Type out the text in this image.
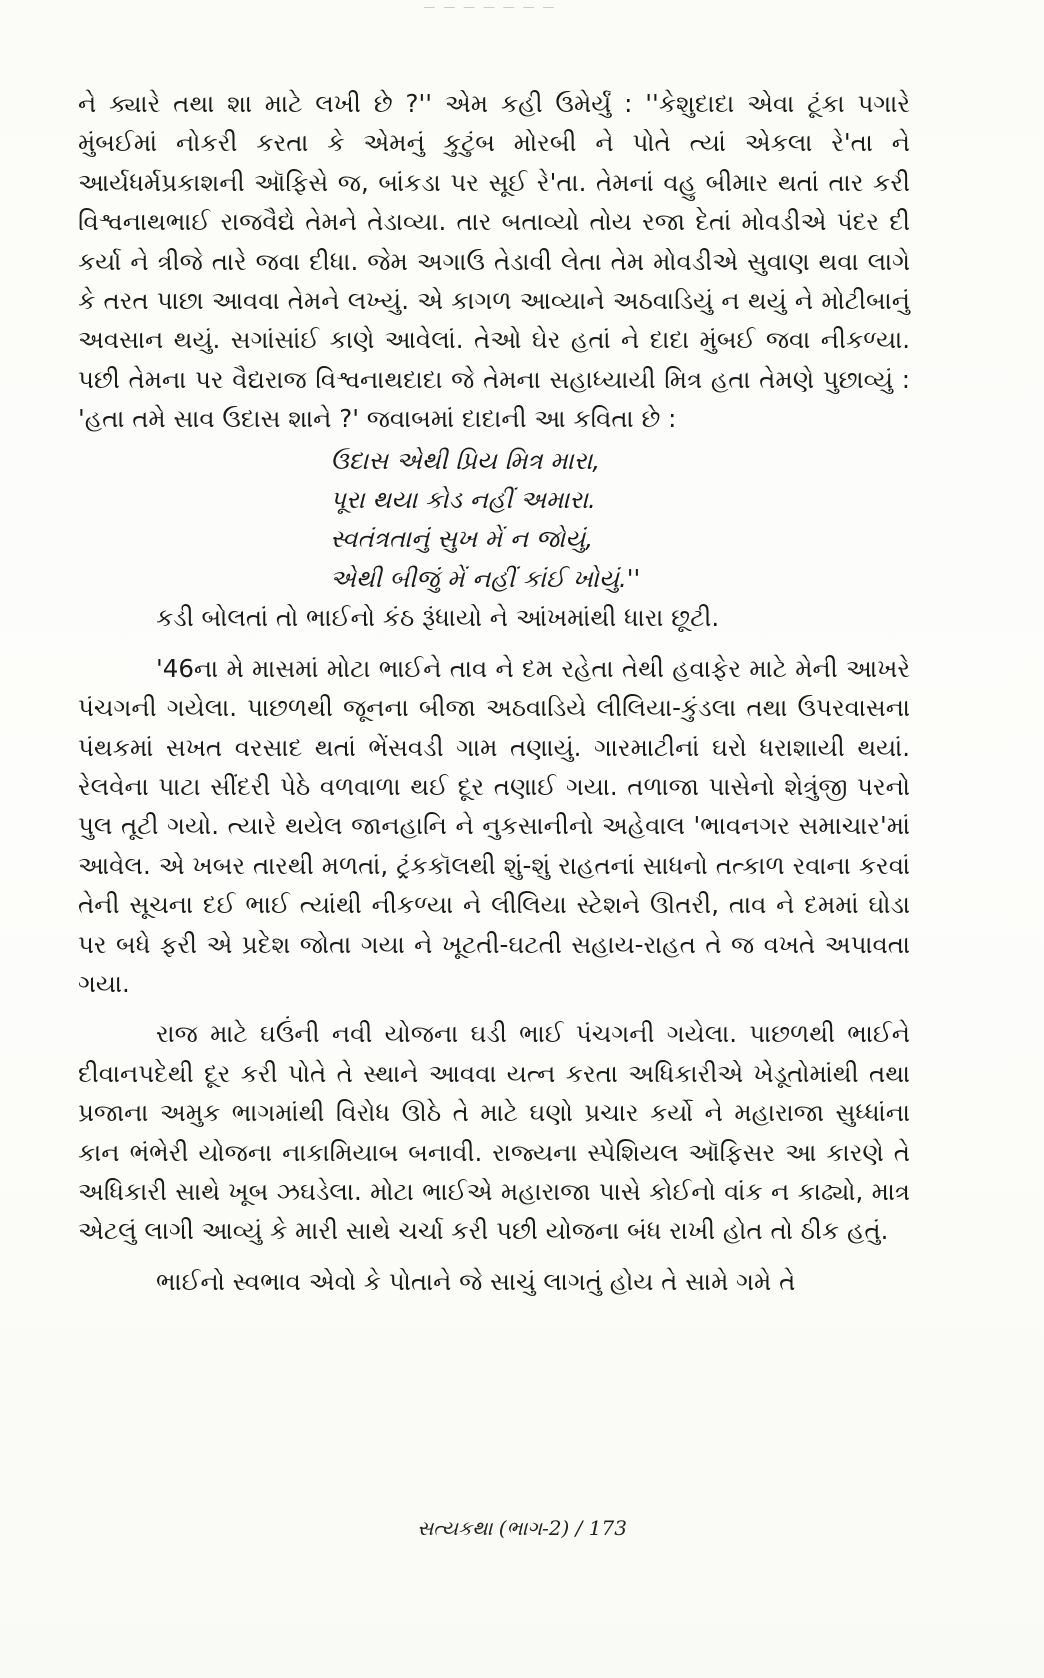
— — — — — — —

ને ક્યારે તથા શા માટે લખી છે ?'' એમ કહી ઉમેર્યું : ''કેશુદાદા એવા ટૂંકા પગારે મુંબઈમાં નોકરી કરતા કે એમનું કુટુંબ મોરબી ને પોતે ત્યાં એકલા રે'તા ને આર્યધર્મપ્રકાશની ઑફિસે જ, બાંકડા પર સૂઈ રે'તા. તેમનાં વહુ બીમાર થતાં તાર કરી વિશ્વનાથભાઈ રાજવૈદ્યે તેમને તેડાવ્યા. તાર બતાવ્યો તોય રજા દેતાં મોવડીએ પંદર દી કર્યા ને ત્રીજે તારે જવા દીધા. જેમ અગાઉ તેડાવી લેતા તેમ મોવડીએ સુવાણ થવા લાગે કે તરત પાછા આવવા તેમને લખ્યું. એ કાગળ આવ્યાને અઠવાડિયું ન થયું ને મોટીબાનું અવસાન થયું. સગાંસાંઈ કાણે આવેલાં. તેઓ ઘેર હતાં ને દાદા મુંબઈ જવા નીકળ્યા. પછી તેમના પર વૈદ્યરાજ વિશ્વનાથદાદા જે તેમના સહાધ્યાયી મિત્ર હતા તેમણે પુછાવ્યું : 'હતા તમે સાવ ઉદાસ શાને ?' જવાબમાં દાદાની આ કવિતા છે :

ઉદાસ એથી પ્રિય મિત્ર મારા,
પૂરા થયા કોડ નહીં અમારા.
સ્વતંત્રતાનું સુખ મેં ન જોયું,
એથી બીજું મેં નહીં કાંઈ ખોયું.''

કડી બોલતાં તો ભાઈનો કંઠ રૂંધાયો ને આંખમાંથી ધારા છૂટી.

'46ના મે માસમાં મોટા ભાઈને તાવ ને દમ રહેતા તેથી હવાફેર માટે મેની આખરે પંચગની ગયેલા. પાછળથી જૂનના બીજા અઠવાડિયે લીલિયા-કુંડલા તથા ઉપરવાસના પંથકમાં સખત વરસાદ થતાં ભેંસવડી ગામ તણાયું. ગારમાટીનાં ઘરો ધરાશાયી થયાં. રેલવેના પાટા સીંદરી પેઠે વળવાળા થઈ દૂર તણાઈ ગયા. તળાજા પાસેનો શેત્રુંજી પરનો પુલ તૂટી ગયો. ત્યારે થયેલ જાનહાનિ ને નુકસાનીનો અહેવાલ 'ભાવનગર સમાચાર'માં આવેલ. એ ખબર તારથી મળતાં, ટ્રંકકૉલથી શું-શું રાહતનાં સાધનો તત્કાળ રવાના કરવાં તેની સૂચના દઈ ભાઈ ત્યાંથી નીકળ્યા ને લીલિયા સ્ટેશને ઊતરી, તાવ ને દમમાં ઘોડા પર બધે ફરી એ પ્રદેશ જોતા ગયા ને ખૂટતી-ઘટતી સહાય-રાહત તે જ વખતે અપાવતા ગયા.

રાજ માટે ઘઉંની નવી યોજના ઘડી ભાઈ પંચગની ગયેલા. પાછળથી ભાઈને દીવાનપદેથી દૂર કરી પોતે તે સ્થાને આવવા યત્ન કરતા અધિકારીએ ખેડૂતોમાંથી તથા પ્રજાના અમુક ભાગમાંથી વિરોધ ઊઠે તે માટે ઘણો પ્રચાર કર્યો ને મહારાજા સુધ્ધાંના કાન ભંભેરી યોજના નાકામિયાબ બનાવી. રાજ્યના સ્પેશિયલ ઑફિસર આ કારણે તે અધિકારી સાથે ખૂબ ઝઘડેલા. મોટા ભાઈએ મહારાજા પાસે કોઈનો વાંક ન કાઢ્યો, માત્ર એટલું લાગી આવ્યું કે મારી સાથે ચર્ચા કરી પછી યોજના બંધ રાખી હોત તો ઠીક હતું.

ભાઈનો સ્વભાવ એવો કે પોતાને જે સાચું લાગતું હોય તે સામે ગમે તે

સત્યકથા (ભાગ-2) / 173
